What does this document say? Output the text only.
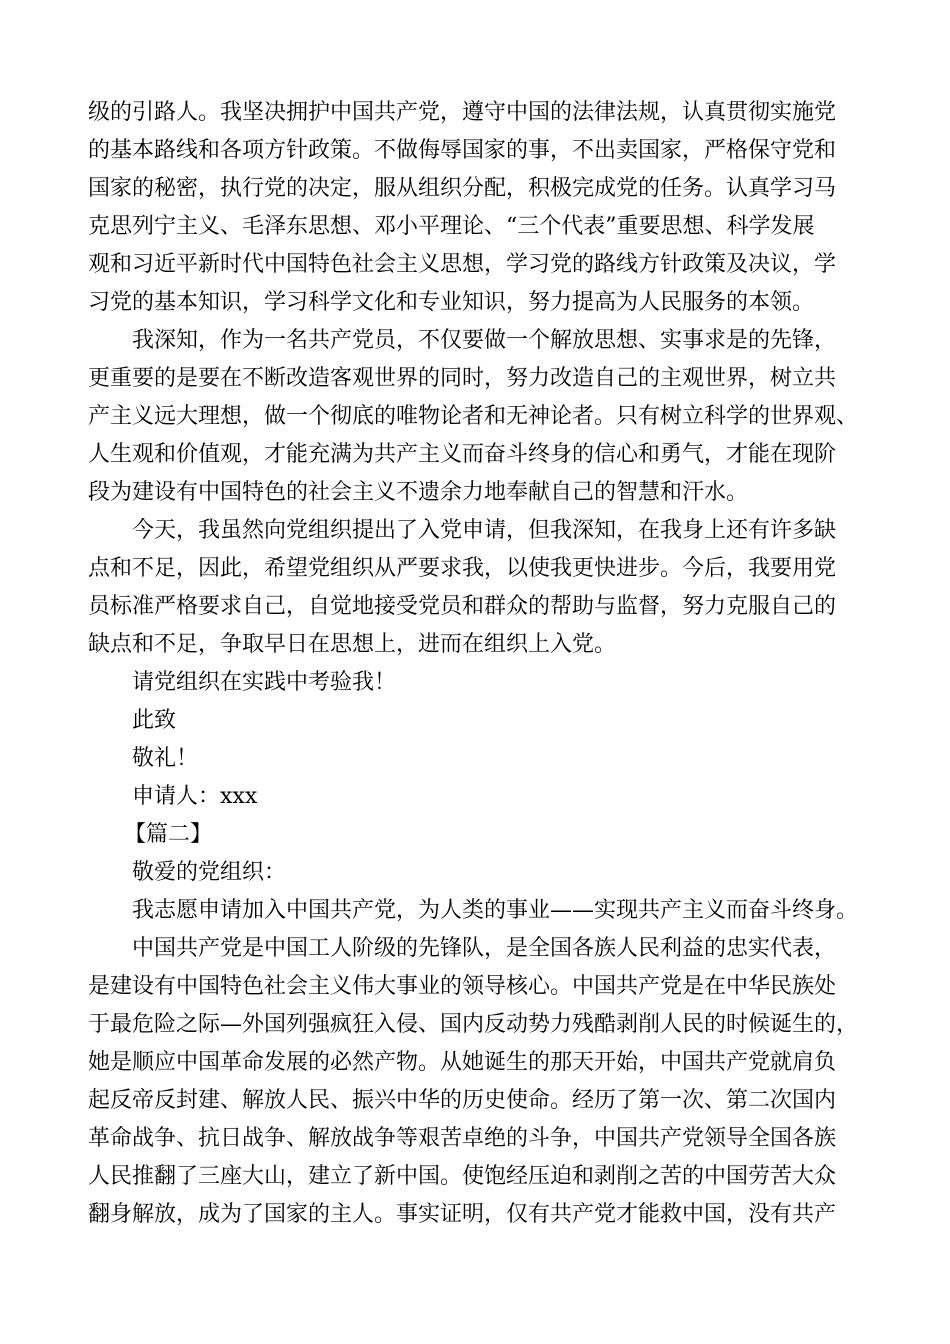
级的引路人。我坚决拥护中国共产党，遵守中国的法律法规，认真贯彻实施党
的基本路线和各项方针政策。不做侮辱国家的事，不出卖国家，严格保守党和
国家的秘密，执行党的决定，服从组织分配，积极完成党的任务。认真学习马
克思列宁主义、毛泽东思想、邓小平理论、“三个代表”重要思想、科学发展
观和习近平新时代中国特色社会主义思想，学习党的路线方针政策及决议，学
习党的基本知识，学习科学文化和专业知识，努力提高为人民服务的本领。
我深知，作为一名共产党员，不仅要做一个解放思想、实事求是的先锋，
更重要的是要在不断改造客观世界的同时，努力改造自己的主观世界，树立共
产主义远大理想，做一个彻底的唯物论者和无神论者。只有树立科学的世界观、
人生观和价值观，才能充满为共产主义而奋斗终身的信心和勇气，才能在现阶
段为建设有中国特色的社会主义不遗余力地奉献自己的智慧和汗水。
今天，我虽然向党组织提出了入党申请，但我深知，在我身上还有许多缺
点和不足，因此，希望党组织从严要求我，以使我更快进步。今后，我要用党
员标准严格要求自己，自觉地接受党员和群众的帮助与监督，努力克服自己的
缺点和不足，争取早日在思想上，进而在组织上入党。
请党组织在实践中考验我！
此致
敬礼！
申请人：xxx
【篇二】
敬爱的党组织：
我志愿申请加入中国共产党，为人类的事业——实现共产主义而奋斗终身。
中国共产党是中国工人阶级的先锋队，是全国各族人民利益的忠实代表，
是建设有中国特色社会主义伟大事业的领导核心。中国共产党是在中华民族处
于最危险之际—外国列强疯狂入侵、国内反动势力残酷剥削人民的时候诞生的，
她是顺应中国革命发展的必然产物。从她诞生的那天开始，中国共产党就肩负
起反帝反封建、解放人民、振兴中华的历史使命。经历了第一次、第二次国内
革命战争、抗日战争、解放战争等艰苦卓绝的斗争，中国共产党领导全国各族
人民推翻了三座大山，建立了新中国。使饱经压迫和剥削之苦的中国劳苦大众
翻身解放，成为了国家的主人。事实证明，仅有共产党才能救中国，没有共产
